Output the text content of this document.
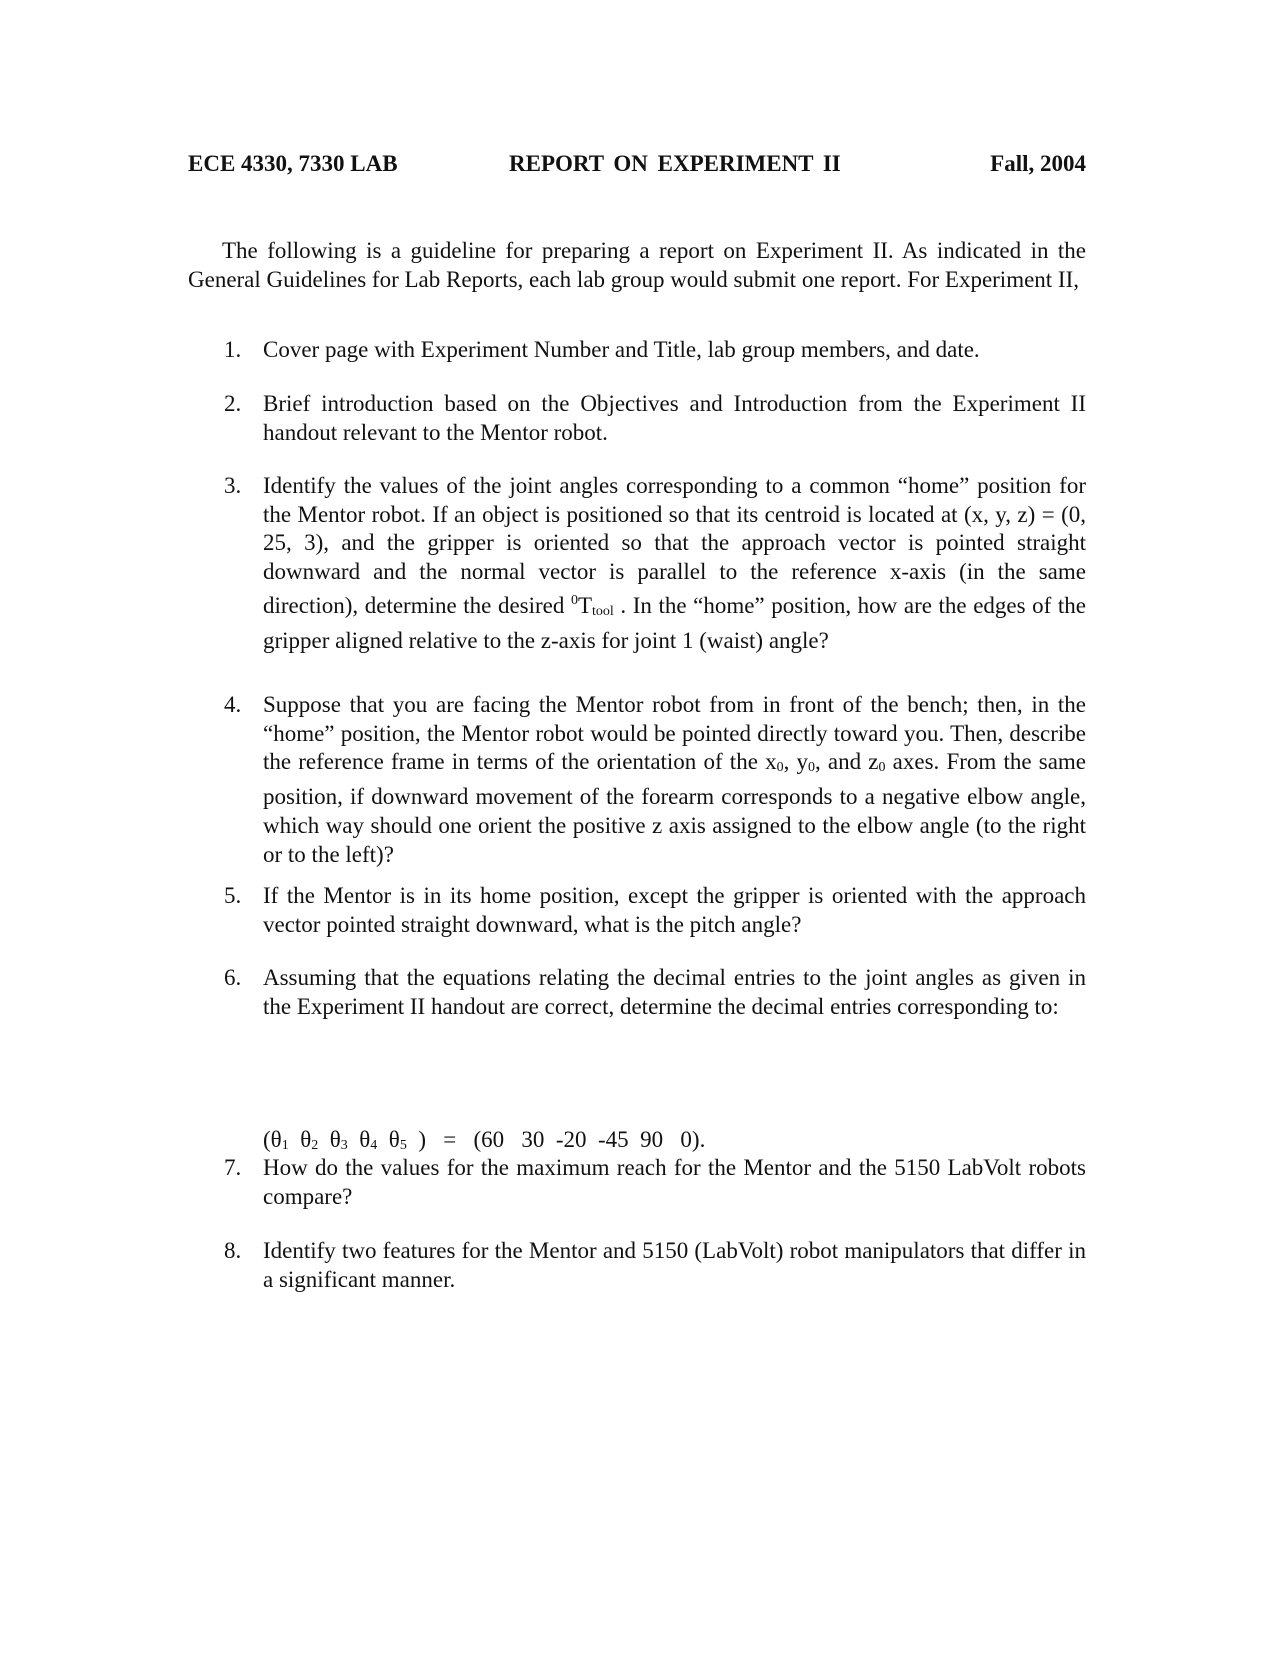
ECE 4330, 7330 LAB	REPORT ON EXPERIMENT II	Fall, 2004

The following is a guideline for preparing a report on Experiment II. As indicated in the General Guidelines for Lab Reports, each lab group would submit one report. For Experiment II,

1. Cover page with Experiment Number and Title, lab group members, and date.
2. Brief introduction based on the Objectives and Introduction from the Experiment II handout relevant to the Mentor robot.
3. Identify the values of the joint angles corresponding to a common “home” position for the Mentor robot. If an object is positioned so that its centroid is located at (x, y, z) = (0, 25, 3), and the gripper is oriented so that the approach vector is pointed straight downward and the normal vector is parallel to the reference x-axis (in the same direction), determine the desired $^0$Ttool . In the “home” position, how are the edges of the gripper aligned relative to the z-axis for joint 1 (waist) angle?
4. Suppose that you are facing the Mentor robot from in front of the bench; then, in the “home” position, the Mentor robot would be pointed directly toward you. Then, describe the reference frame in terms of the orientation of the x0, y0, and z0 axes. From the same position, if downward movement of the forearm corresponds to a negative elbow angle, which way should one orient the positive z axis assigned to the elbow angle (to the right or to the left)?
5. If the Mentor is in its home position, except the gripper is oriented with the approach vector pointed straight downward, what is the pitch angle?
6. Assuming that the equations relating the decimal entries to the joint angles as given in the Experiment II handout are correct, determine the decimal entries corresponding to:
(θ1 θ2 θ3 θ4 θ5  )   =   (60   30  -20  -45  90   0).
7. How do the values for the maximum reach for the Mentor and the 5150 LabVolt robots compare?
8. Identify two features for the Mentor and 5150 (LabVolt) robot manipulators that differ in a significant manner.
